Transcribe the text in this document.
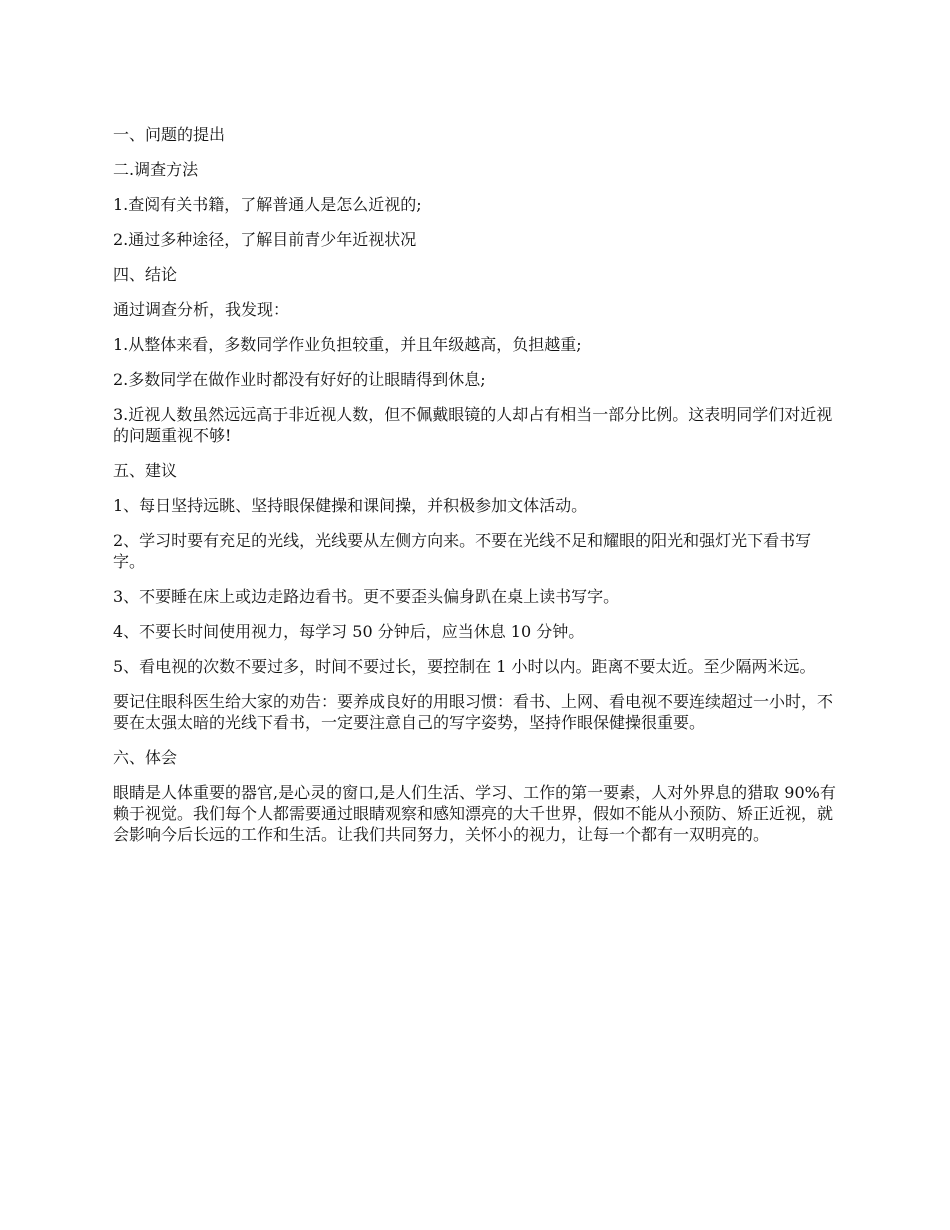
一、问题的提出

二.调查方法

1.查阅有关书籍，了解普通人是怎么近视的;

2.通过多种途径，了解目前青少年近视状况

四、结论

通过调查分析，我发现：

1.从整体来看，多数同学作业负担较重，并且年级越高，负担越重;

2.多数同学在做作业时都没有好好的让眼睛得到休息;

3.近视人数虽然远远高于非近视人数，但不佩戴眼镜的人却占有相当一部分比例。这表明同学们对近视的问题重视不够!

五、建议

1、每日坚持远眺、坚持眼保健操和课间操，并积极参加文体活动。

2、学习时要有充足的光线，光线要从左侧方向来。不要在光线不足和耀眼的阳光和强灯光下看书写字。

3、不要睡在床上或边走路边看书。更不要歪头偏身趴在桌上读书写字。

4、不要长时间使用视力，每学习 50 分钟后，应当休息 10 分钟。

5、看电视的次数不要过多，时间不要过长，要控制在 1 小时以内。距离不要太近。至少隔两米远。

要记住眼科医生给大家的劝告：要养成良好的用眼习惯：看书、上网、看电视不要连续超过一小时，不要在太强太暗的光线下看书，一定要注意自己的写字姿势，坚持作眼保健操很重要。

六、体会

眼睛是人体重要的器官,是心灵的窗口,是人们生活、学习、工作的第一要素，人对外界息的猎取 90%有赖于视觉。我们每个人都需要通过眼睛观察和感知漂亮的大千世界，假如不能从小预防、矫正近视，就会影响今后长远的工作和生活。让我们共同努力，关怀小的视力，让每一个都有一双明亮的。
